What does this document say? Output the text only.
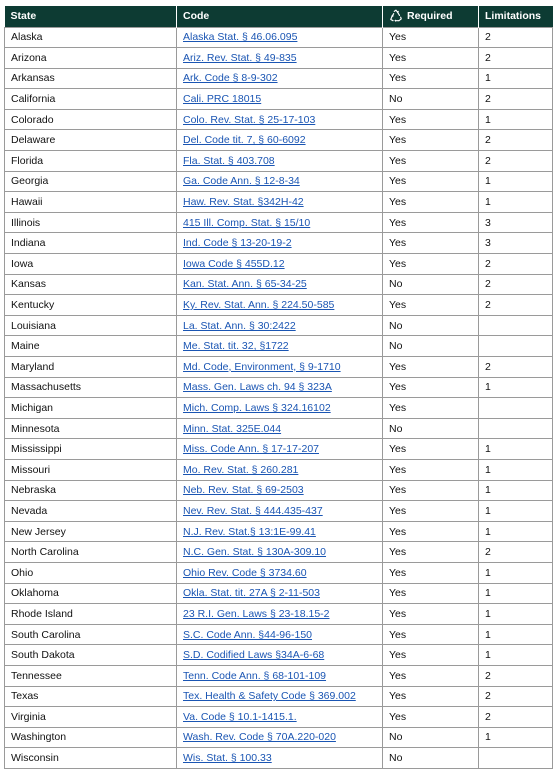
State	Code	Required	Limitations
Alaska	Alaska Stat. § 46.06.095	Yes	2
Arizona	Ariz. Rev. Stat. § 49-835	Yes	2
Arkansas	Ark. Code § 8-9-302	Yes	1
California	Cali. PRC 18015	No	2
Colorado	Colo. Rev. Stat. § 25-17-103	Yes	1
Delaware	Del. Code tit. 7, § 60-6092	Yes	2
Florida	Fla. Stat. § 403.708	Yes	2
Georgia	Ga. Code Ann. § 12-8-34	Yes	1
Hawaii	Haw. Rev. Stat. §342H-42	Yes	1
Illinois	415 Ill. Comp. Stat. § 15/10	Yes	3
Indiana	Ind. Code § 13-20-19-2	Yes	3
Iowa	Iowa Code § 455D.12	Yes	2
Kansas	Kan. Stat. Ann. § 65-34-25	No	2
Kentucky	Ky. Rev. Stat. Ann. § 224.50-585	Yes	2
Louisiana	La. Stat. Ann. § 30:2422	No	
Maine	Me. Stat. tit. 32, §1722	No	
Maryland	Md. Code, Environment, § 9-1710	Yes	2
Massachusetts	Mass. Gen. Laws ch. 94 § 323A	Yes	1
Michigan	Mich. Comp. Laws § 324.16102	Yes	
Minnesota	Minn. Stat. 325E.044	No	
Mississippi	Miss. Code Ann. § 17-17-207	Yes	1
Missouri	Mo. Rev. Stat. § 260.281	Yes	1
Nebraska	Neb. Rev. Stat. § 69-2503	Yes	1
Nevada	Nev. Rev. Stat. § 444.435-437	Yes	1
New Jersey	N.J. Rev. Stat.§ 13:1E-99.41	Yes	1
North Carolina	N.C. Gen. Stat. § 130A-309.10	Yes	2
Ohio	Ohio Rev. Code § 3734.60	Yes	1
Oklahoma	Okla. Stat. tit. 27A § 2-11-503	Yes	1
Rhode Island	23 R.I. Gen. Laws § 23-18.15-2	Yes	1
South Carolina	S.C. Code Ann. §44-96-150	Yes	1
South Dakota	S.D. Codified Laws §34A-6-68	Yes	1
Tennessee	Tenn. Code Ann. § 68-101-109	Yes	2
Texas	Tex. Health & Safety Code § 369.002	Yes	2
Virginia	Va. Code § 10.1-1415.1.	Yes	2
Washington	Wash. Rev. Code § 70A.220-020	No	1
Wisconsin	Wis. Stat. § 100.33	No	
